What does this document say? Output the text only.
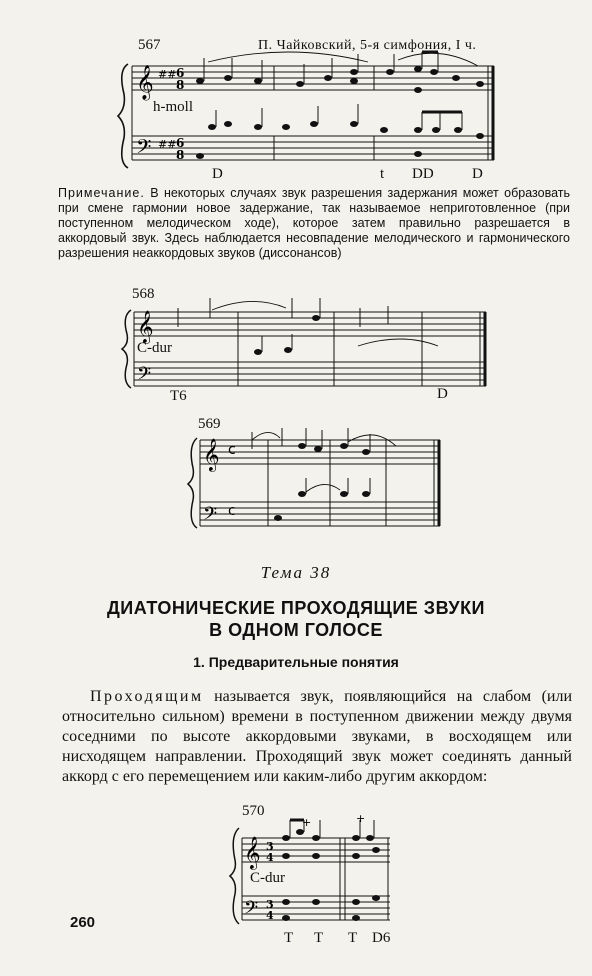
567	П. Чайковский, 5-я симфония, I ч.
𝄞
𝄢
##
##
6
8
6
8
h-moll
D	t DD	D
Примечание. В некоторых случаях звук разрешения задержания может образовать при смене гармонии новое задержание, так называемое неприготовленное (при поступенном мелодическом ходе), которое затем правильно разрешается в аккордовый звук. Здесь наблюдается несовпадение мелодического и гармонического разрешения неаккордовых звуков (диссонансов)
568
𝄞
𝄢
C-dur
T6	D
569
𝄞
𝄢
c
c
Тема 38
ДИАТОНИЧЕСКИЕ ПРОХОДЯЩИЕ ЗВУКИ
В ОДНОМ ГОЛОСЕ
1. Предварительные понятия
Проходящим называется звук, появляющийся на слабом (или относительно сильном) времени в поступенном движении между двумя соседними по высоте аккордовыми звуками, в восходящем или нисходящем направлении. Проходящий звук может соединять данный аккорд с его перемещением или каким-либо другим аккордом:
570
𝄞
𝄢
3
4
3
4
+	+
C-dur
T T T D6
260
